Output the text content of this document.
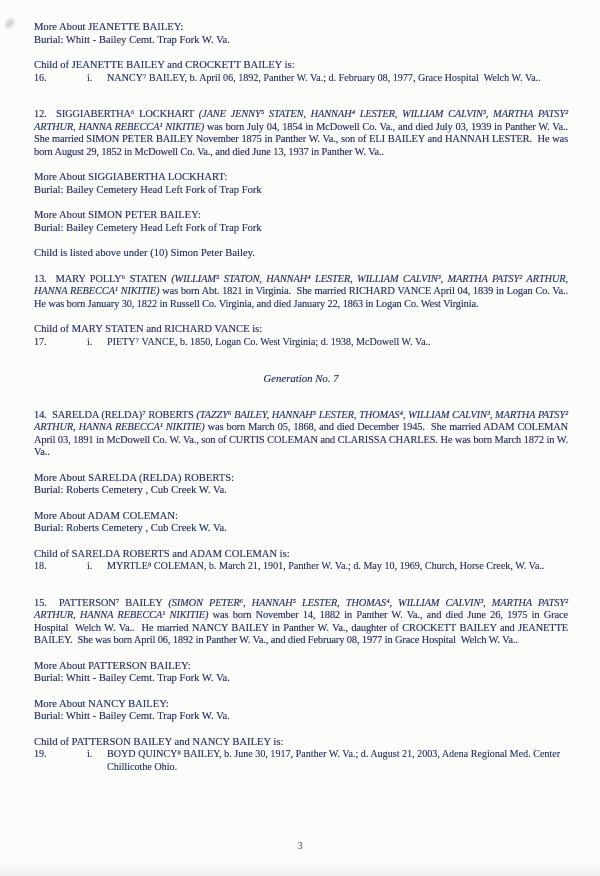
More About JEANETTE BAILEY:
Burial: Whitt - Bailey Cemt. Trap Fork W. Va.
Child of JEANETTE BAILEY and CROCKETT BAILEY is:
16.	i.	NANCY⁷ BAILEY, b. April 06, 1892, Panther W. Va.; d. February 08, 1977, Grace Hospital  Welch W. Va..

12.  SIGGIABERTHA⁶ LOCKHART (JANE JENNY⁵ STATEN, HANNAH⁴ LESTER, WILLIAM CALVIN³, MARTHA PATSY² ARTHUR, HANNA REBECCA¹ NIKITIE) was born July 04, 1854 in McDowell Co. Va., and died July 03, 1939 in Panther W. Va..  She married SIMON PETER BAILEY November 1875 in Panther W. Va., son of ELI BAILEY and HANNAH LESTER.  He was born August 29, 1852 in McDowell Co. Va., and died June 13, 1937 in Panther W. Va..

More About SIGGIABERTHA LOCKHART:
Burial: Bailey Cemetery Head Left Fork of Trap Fork
More About SIMON PETER BAILEY:
Burial: Bailey Cemetery Head Left Fork of Trap Fork
Child is listed above under (10) Simon Peter Bailey.

13.  MARY POLLY⁶ STATEN (WILLIAM⁵ STATON, HANNAH⁴ LESTER, WILLIAM CALVIN³, MARTHA PATSY² ARTHUR, HANNA REBECCA¹ NIKITIE) was born Abt. 1821 in Virginia.  She married RICHARD VANCE April 04, 1839 in Logan Co. Va..  He was born January 30, 1822 in Russell Co. Virginia, and died January 22, 1863 in Logan Co. West Virginia.

Child of MARY STATEN and RICHARD VANCE is:
17.	i.	PIETY⁷ VANCE, b. 1850, Logan Co. West Virginia; d. 1938, McDowell W. Va..
Generation No. 7

14.  SARELDA (RELDA)⁷ ROBERTS (TAZZY⁶ BAILEY, HANNAH⁵ LESTER, THOMAS⁴, WILLIAM CALVIN³, MARTHA PATSY² ARTHUR, HANNA REBECCA¹ NIKITIE) was born March 05, 1868, and died December 1945.  She married ADAM COLEMAN April 03, 1891 in McDowell Co. W. Va., son of CURTIS COLEMAN and CLARISSA CHARLES. He was born March 1872 in W. Va..

More About SARELDA (RELDA) ROBERTS:
Burial: Roberts Cemetery , Cub Creek W. Va.
More About ADAM COLEMAN:
Burial: Roberts Cemetery , Cub Creek W. Va.
Child of SARELDA ROBERTS and ADAM COLEMAN is:
18.	i.	MYRTLE⁸ COLEMAN, b. March 21, 1901, Panther W. Va.; d. May 10, 1969, Church, Horse Creek, W. Va..

15.  PATTERSON⁷ BAILEY (SIMON PETER⁶, HANNAH⁵ LESTER, THOMAS⁴, WILLIAM CALVIN³, MARTHA PATSY² ARTHUR, HANNA REBECCA¹ NIKITIE) was born November 14, 1882 in Panther W. Va., and died June 26, 1975 in Grace Hospital  Welch W. Va..  He married NANCY BAILEY in Panther W. Va., daughter of CROCKETT BAILEY and JEANETTE BAILEY.  She was born April 06, 1892 in Panther W. Va., and died February 08, 1977 in Grace Hospital  Welch W. Va..

More About PATTERSON BAILEY:
Burial: Whitt - Bailey Cemt. Trap Fork W. Va.
More About NANCY BAILEY:
Burial: Whitt - Bailey Cemt. Trap Fork W. Va.
Child of PATTERSON BAILEY and NANCY BAILEY is:
19.	i.	BOYD QUINCY⁸ BAILEY, b. June 30, 1917, Panther W. Va.; d. August 21, 2003, Adena Regional Med. Center Chillicothe Ohio.
3
